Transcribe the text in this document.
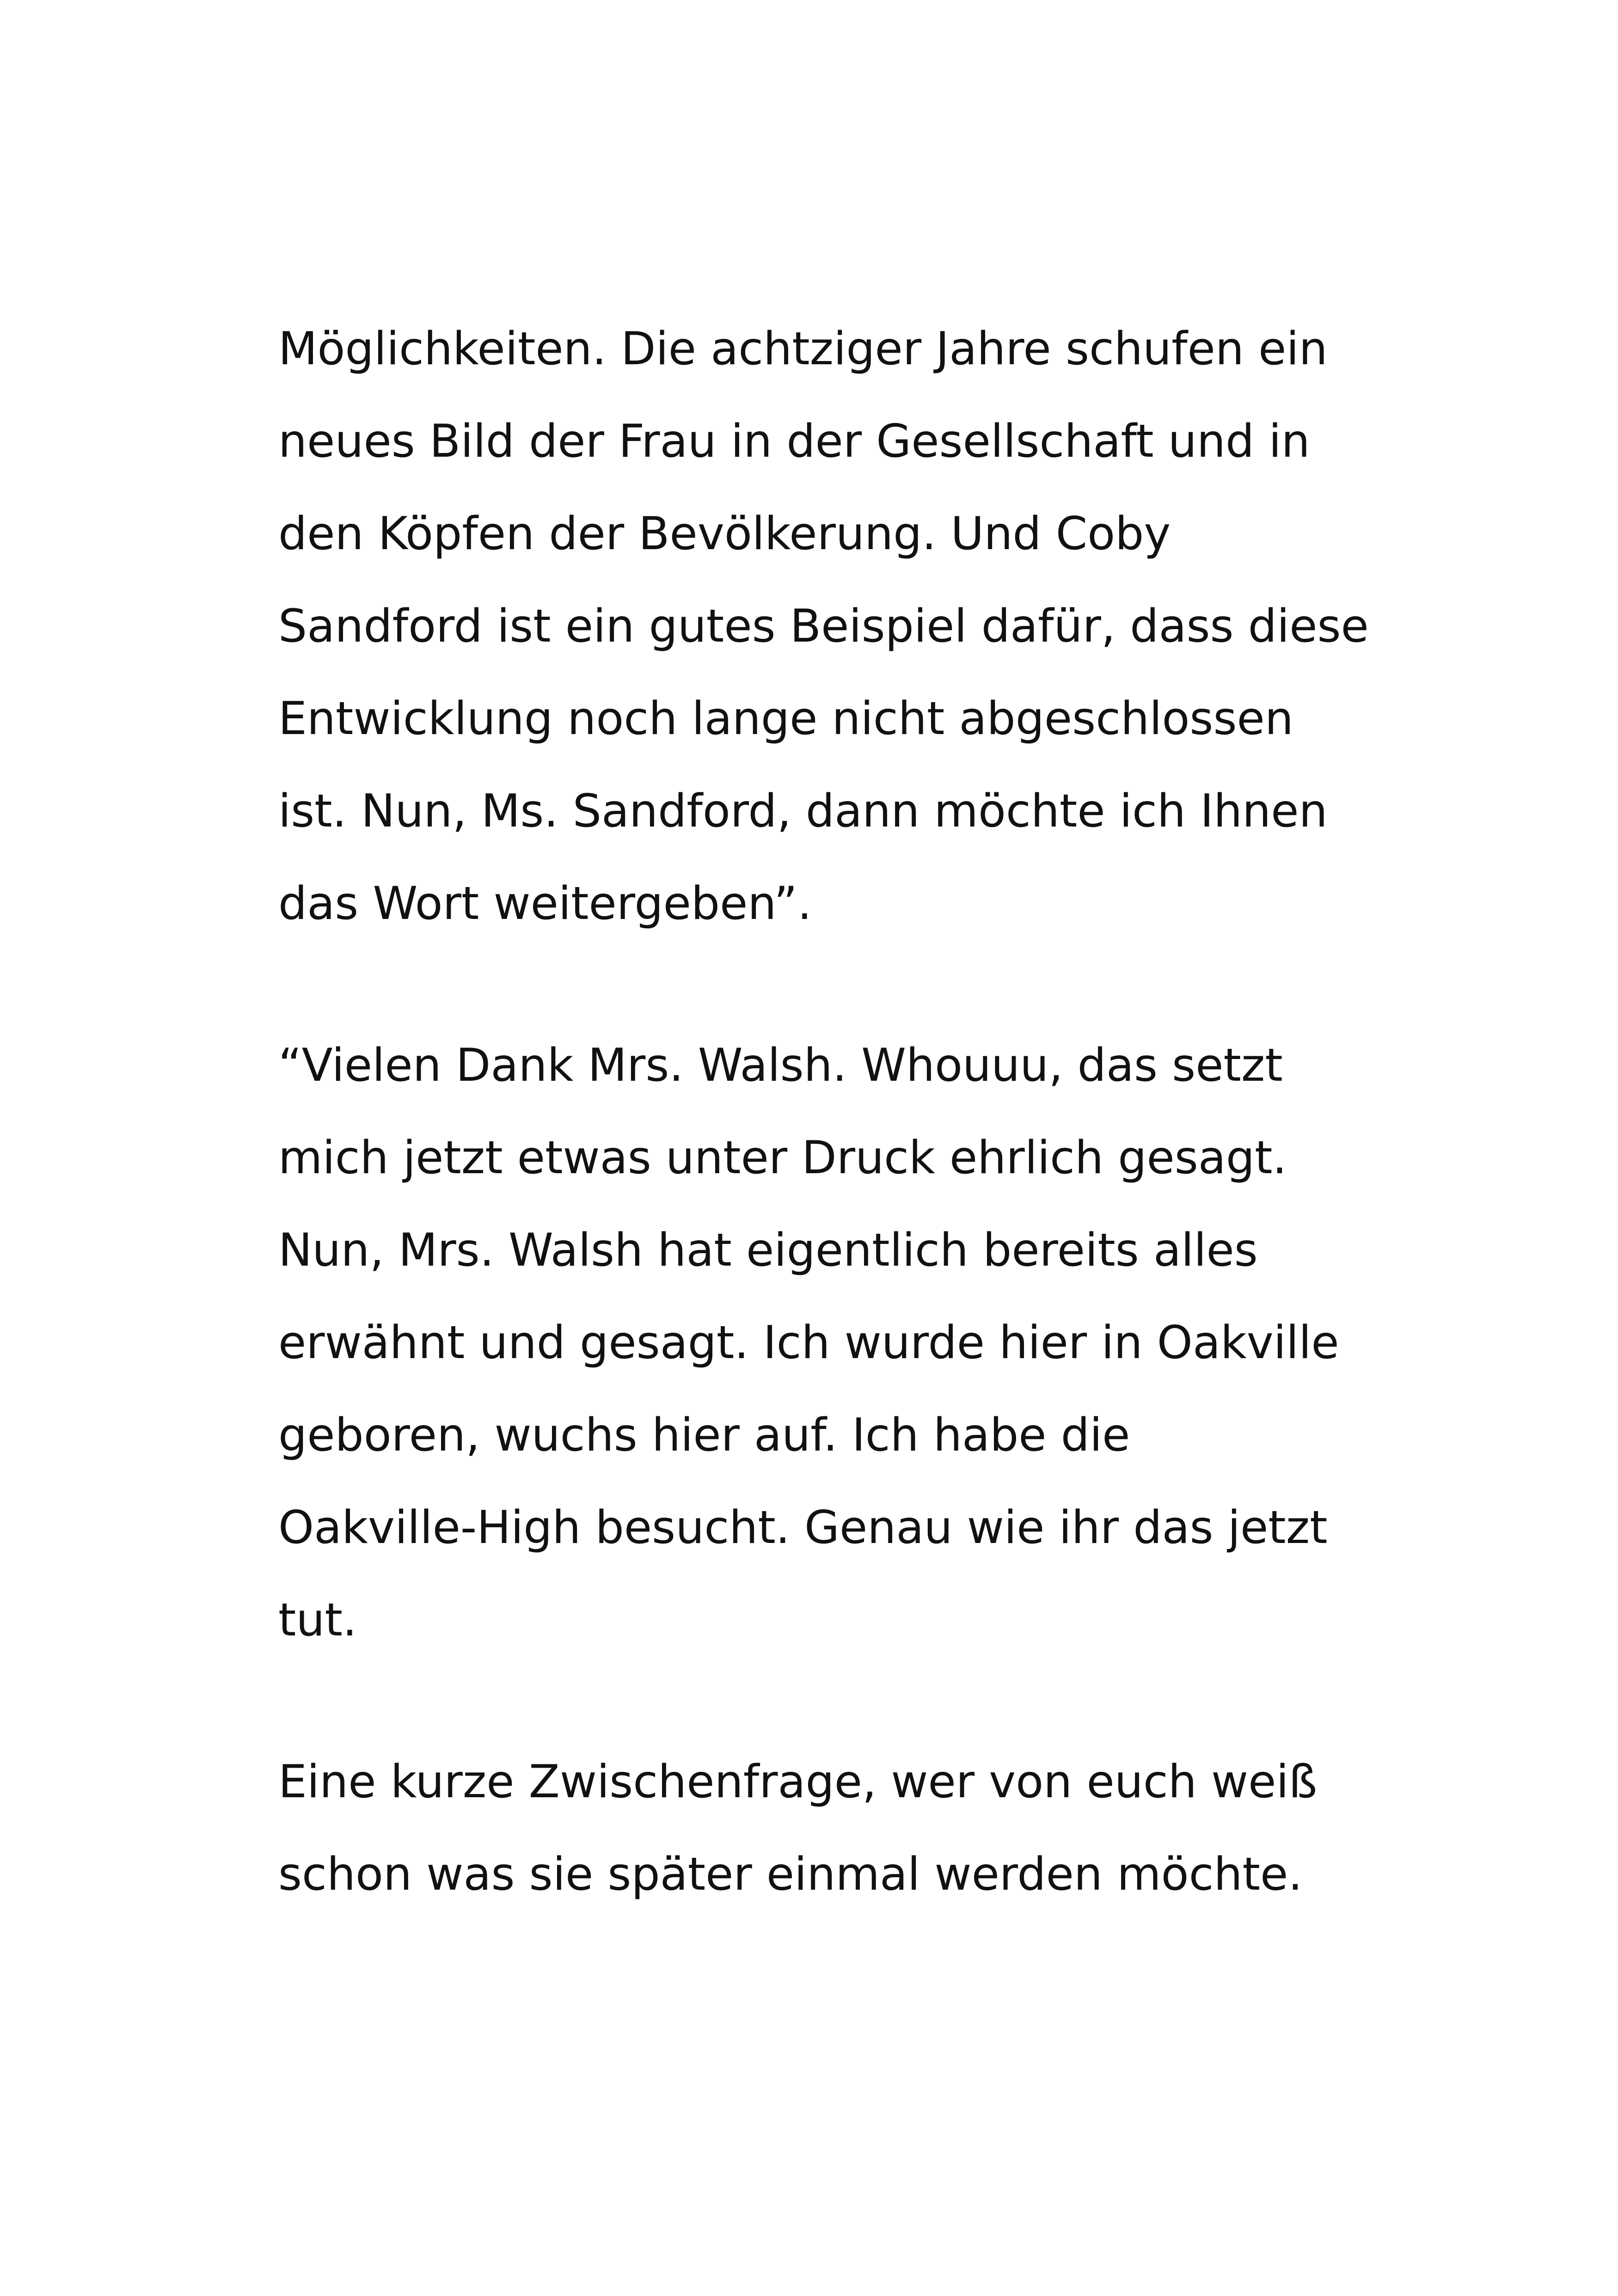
Möglichkeiten. Die achtziger Jahre schufen ein
neues Bild der Frau in der Gesellschaft und in
den Köpfen der Bevölkerung. Und Coby
Sandford ist ein gutes Beispiel dafür, dass diese
Entwicklung noch lange nicht abgeschlossen
ist. Nun, Ms. Sandford, dann möchte ich Ihnen
das Wort weitergeben”.
“Vielen Dank Mrs. Walsh. Whouuu, das setzt
mich jetzt etwas unter Druck ehrlich gesagt.
Nun, Mrs. Walsh hat eigentlich bereits alles
erwähnt und gesagt. Ich wurde hier in Oakville
geboren, wuchs hier auf. Ich habe die
Oakville-High besucht. Genau wie ihr das jetzt
tut.
Eine kurze Zwischenfrage, wer von euch weiß
schon was sie später einmal werden möchte.
